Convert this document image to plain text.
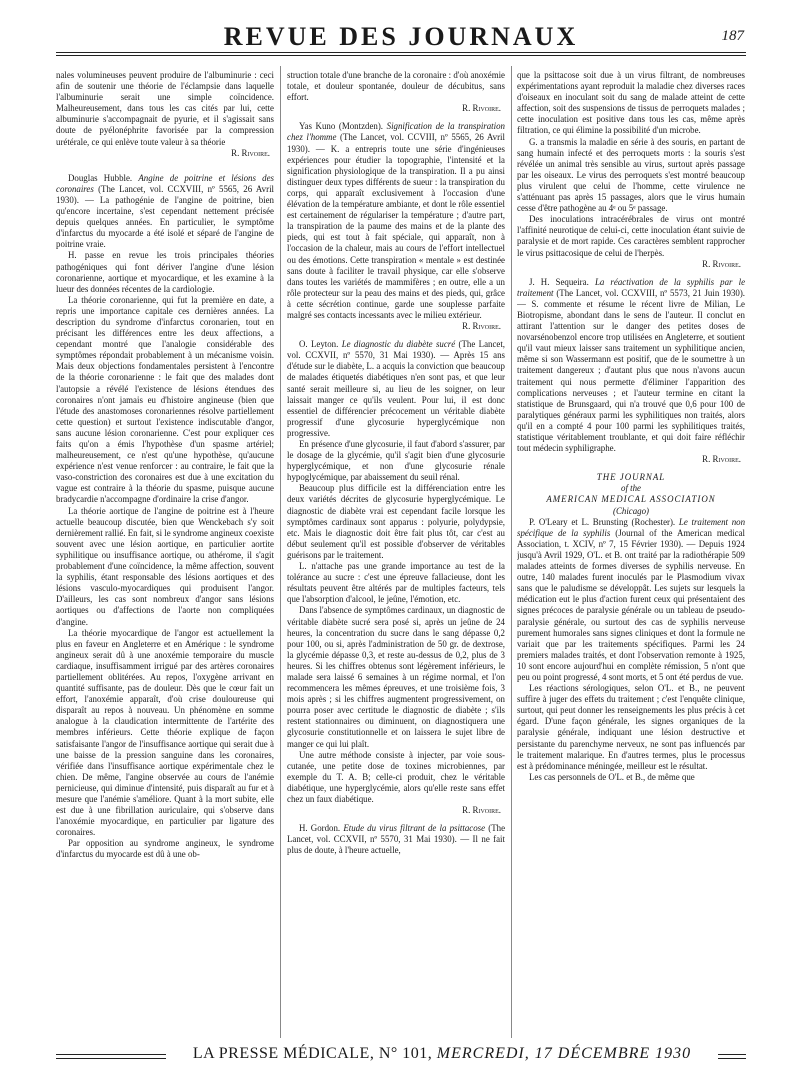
REVUE DES JOURNAUX	187

nales volumineuses peuvent produire de l'albuminurie : ceci afin de soutenir une théorie de l'éclampsie dans laquelle l'albuminurie serait une simple coïncidence. Malheureusement, dans tous les cas cités par lui, cette albuminurie s'accompagnait de pyurie, et il s'agissait sans doute de pyélonéphrite favorisée par la compression urétérale, ce qui enlève toute valeur à sa théorie

R. Rivoire.

Douglas Hubble. Angine de poitrine et lésions des coronaires (The Lancet, vol. CCXVIII, nº 5565, 26 Avril 1930). — La pathogénie de l'angine de poitrine, bien qu'encore incertaine, s'est cependant nettement précisée depuis quelques années. En particulier, le symptôme d'infarctus du myocarde a été isolé et séparé de l'angine de poitrine vraie.

H. passe en revue les trois principales théories pathogéniques qui font dériver l'angine d'une lésion coronarienne, aortique et myocardique, et les examine à la lueur des données récentes de la cardiologie.

La théorie coronarienne, qui fut la première en date, a repris une importance capitale ces dernières années. La description du syndrome d'infarctus coronarien, tout en précisant les différences entre les deux affections, a cependant montré que l'analogie considérable des symptômes répondait probablement à un mécanisme voisin. Mais deux objections fondamentales persistent à l'encontre de la théorie coronarienne : le fait que des malades dont l'autopsie a révélé l'existence de lésions étendues des coronaires n'ont jamais eu d'histoire angineuse (bien que l'étude des anastomoses coronariennes résolve partiellement cette question) et surtout l'existence indiscutable d'angor, sans aucune lésion coronarienne. C'est pour expliquer ces faits qu'on a émis l'hypothèse d'un spasme artériel; malheureusement, ce n'est qu'une hypothèse, qu'aucune expérience n'est venue renforcer : au contraire, le fait que la vaso-constriction des coronaires est due à une excitation du vague est contraire à la théorie du spasme, puisque aucune bradycardie n'accompagne d'ordinaire la crise d'angor.

La théorie aortique de l'angine de poitrine est à l'heure actuelle beaucoup discutée, bien que Wenckebach s'y soit dernièrement rallié. En fait, si le syndrome angineux coexiste souvent avec une lésion aortique, en particulier aortite syphilitique ou insuffisance aortique, ou athérome, il s'agit probablement d'une coïncidence, la même affection, souvent la syphilis, étant responsable des lésions aortiques et des lésions vasculo-myocardiques qui produisent l'angor. D'ailleurs, les cas sont nombreux d'angor sans lésions aortiques ou d'affections de l'aorte non compliquées d'angine.

La théorie myocardique de l'angor est actuellement la plus en faveur en Angleterre et en Amérique : le syndrome angineux serait dû à une anoxémie temporaire du muscle cardiaque, insuffisamment irrigué par des artères coronaires partiellement oblitérées. Au repos, l'oxygène arrivant en quantité suffisante, pas de douleur. Dès que le cœur fait un effort, l'anoxémie apparaît, d'où crise douloureuse qui disparaît au repos à nouveau. Un phénomène en somme analogue à la claudication intermittente de l'artérite des membres inférieurs. Cette théorie explique de façon satisfaisante l'angor de l'insuffisance aortique qui serait due à une baisse de la pression sanguine dans les coronaires, vérifiée dans l'insuffisance aortique expérimentale chez le chien. De même, l'angine observée au cours de l'anémie pernicieuse, qui diminue d'intensité, puis disparaît au fur et à mesure que l'anémie s'améliore. Quant à la mort subite, elle est due à une fibrillation auriculaire, qui s'observe dans l'anoxémie myocardique, en particulier par ligature des coronaires.

Par opposition au syndrome angineux, le syndrome d'infarctus du myocarde est dû à une ob-

struction totale d'une branche de la coronaire : d'où anoxémie totale, et douleur spontanée, douleur de décubitus, sans effort.

R. Rivoire.

Yas Kuno (Montzden). Signification de la transpiration chez l'homme (The Lancet, vol. CCVIII, nº 5565, 26 Avril 1930). — K. a entrepris toute une série d'ingénieuses expériences pour étudier la topographie, l'intensité et la signification physiologique de la transpiration. Il a pu ainsi distinguer deux types différents de sueur : la transpiration du corps, qui apparaît exclusivement à l'occasion d'une élévation de la température ambiante, et dont le rôle essentiel est certainement de régulariser la température ; d'autre part, la transpiration de la paume des mains et de la plante des pieds, qui est tout à fait spéciale, qui apparaît, non à l'occasion de la chaleur, mais au cours de l'effort intellectuel ou des émotions. Cette transpiration « mentale » est destinée sans doute à faciliter le travail physique, car elle s'observe dans toutes les variétés de mammifères ; en outre, elle a un rôle protecteur sur la peau des mains et des pieds, qui, grâce à cette sécrétion continue, garde une souplesse parfaite malgré ses contacts incessants avec le milieu extérieur.

R. Rivoire.

O. Leyton. Le diagnostic du diabète sucré (The Lancet, vol. CCXVII, nº 5570, 31 Mai 1930). — Après 15 ans d'étude sur le diabète, L. a acquis la conviction que beaucoup de malades étiquetés diabétiques n'en sont pas, et que leur santé serait meilleure si, au lieu de les soigner, on leur laissait manger ce qu'ils veulent. Pour lui, il est donc essentiel de différencier précocement un véritable diabète progressif d'une glycosurie hyperglycémique non progressive.

En présence d'une glycosurie, il faut d'abord s'assurer, par le dosage de la glycémie, qu'il s'agit bien d'une glycosurie hyperglycémique, et non d'une glycosurie rénale hypoglycémique, par abaissement du seuil rénal.

Beaucoup plus difficile est la différenciation entre les deux variétés décrites de glycosurie hyperglycémique. Le diagnostic de diabète vrai est cependant facile lorsque les symptômes cardinaux sont apparus : polyurie, polydypsie, etc. Mais le diagnostic doit être fait plus tôt, car c'est au début seulement qu'il est possible d'observer de véritables guérisons par le traitement.

L. n'attache pas une grande importance au test de la tolérance au sucre : c'est une épreuve fallacieuse, dont les résultats peuvent être altérés par de multiples facteurs, tels que l'absorption d'alcool, le jeûne, l'émotion, etc.

Dans l'absence de symptômes cardinaux, un diagnostic de véritable diabète sucré sera posé si, après un jeûne de 24 heures, la concentration du sucre dans le sang dépasse 0,2 pour 100, ou si, après l'administration de 50 gr. de dextrose, la glycémie dépasse 0,3, et reste au-dessus de 0,2, plus de 3 heures. Si les chiffres obtenus sont légèrement inférieurs, le malade sera laissé 6 semaines à un régime normal, et l'on recommencera les mêmes épreuves, et une troisième fois, 3 mois après ; si les chiffres augmentent progressivement, on pourra poser avec certitude le diagnostic de diabète ; s'ils restent stationnaires ou diminuent, on diagnostiquera une glycosurie constitutionnelle et on laissera le sujet libre de manger ce qui lui plaît.

Une autre méthode consiste à injecter, par voie sous-cutanée, une petite dose de toxines microbiennes, par exemple du T. A. B; celle-ci produit, chez le véritable diabétique, une hyperglycémie, alors qu'elle reste sans effet chez un faux diabétique.

R. Rivoire.

H. Gordon. Etude du virus filtrant de la psittacose (The Lancet, vol. CCXVII, nº 5570, 31 Mai 1930). — Il ne fait plus de doute, à l'heure actuelle,

que la psittacose soit due à un virus filtrant, de nombreuses expérimentations ayant reproduit la maladie chez diverses races d'oiseaux en inoculant soit du sang de malade atteint de cette affection, soit des suspensions de tissus de perroquets malades ; cette inoculation est positive dans tous les cas, même après filtration, ce qui élimine la possibilité d'un microbe.

G. a transmis la maladie en série à des souris, en partant de sang humain infecté et des perroquets morts : la souris s'est révélée un animal très sensible au virus, surtout après passage par les oiseaux. Le virus des perroquets s'est montré beaucoup plus virulent que celui de l'homme, cette virulence ne s'atténuant pas après 15 passages, alors que le virus humain cesse d'être pathogène au 4ᵉ ou 5ᵉ passage.

Des inoculations intracérébrales de virus ont montré l'affinité neurotique de celui-ci, cette inoculation étant suivie de paralysie et de mort rapide. Ces caractères semblent rapprocher le virus psittacosique de celui de l'herpès.

R. Rivoire.

J. H. Sequeira. La réactivation de la syphilis par le traitement (The Lancet, vol. CCXVIII, nº 5573, 21 Juin 1930). — S. commente et résume le récent livre de Milian, Le Biotropisme, abondant dans le sens de l'auteur. Il conclut en attirant l'attention sur le danger des petites doses de novarsénobenzol encore trop utilisées en Angleterre, et soutient qu'il vaut mieux laisser sans traitement un syphilitique ancien, même si son Wassermann est positif, que de le soumettre à un traitement dangereux ; d'autant plus que nous n'avons aucun traitement qui nous permette d'éliminer l'apparition des complications nerveuses ; et l'auteur termine en citant la statistique de Brunsgaard, qui n'a trouvé que 0,6 pour 100 de paralytiques généraux parmi les syphilitiques non traités, alors qu'il en a compté 4 pour 100 parmi les syphilitiques traités, statistique véritablement troublante, et qui doit faire réfléchir tout médecin syphiligraphe.

R. Rivoire.

THE JOURNAL

of the

AMERICAN MEDICAL ASSOCIATION

(Chicago)

P. O'Leary et L. Brunsting (Rochester). Le traitement non spécifique de la syphilis (Journal of the American medical Association, t. XCIV, nº 7, 15 Février 1930). — Depuis 1924 jusqu'à Avril 1929, O'L. et B. ont traité par la radiothérapie 509 malades atteints de formes diverses de syphilis nerveuse. En outre, 140 malades furent inoculés par le Plasmodium vivax sans que le paludisme se développât. Les sujets sur lesquels la médication eut le plus d'action furent ceux qui présentaient des signes précoces de paralysie générale ou un tableau de pseudo-paralysie générale, ou surtout des cas de syphilis nerveuse purement humorales sans signes cliniques et dont la formule ne variait que par les traitements spécifiques. Parmi les 24 premiers malades traités, et dont l'observation remonte à 1925, 10 sont encore aujourd'hui en complète rémission, 5 n'ont que peu ou point progressé, 4 sont morts, et 5 ont été perdus de vue.

Les réactions sérologiques, selon O'L. et B., ne peuvent suffire à juger des effets du traitement ; c'est l'enquête clinique, surtout, qui peut donner les renseignements les plus précis à cet égard. D'une façon générale, les signes organiques de la paralysie générale, indiquant une lésion destructive et persistante du parenchyme nerveux, ne sont pas influencés par le traitement malarique. En d'autres termes, plus le processus est à prédominance méningée, meilleur est le résultat.

Les cas personnels de O'L. et B., de même que

LA PRESSE MÉDICALE, N° 101, MERCREDI, 17 DÉCEMBRE 1930
